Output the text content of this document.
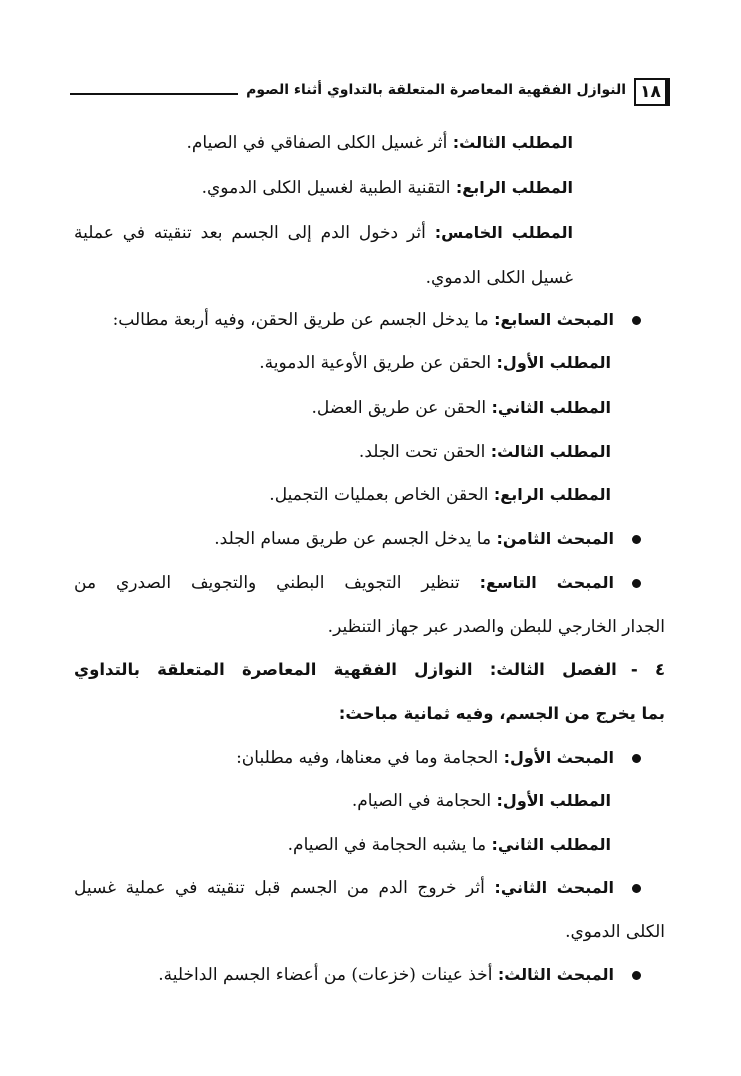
النوازل الفقهية المعاصرة المتعلقة بالتداوي أثناء الصوم ١٨
المطلب الثالث: أثر غسيل الكلى الصفاقي في الصيام.
المطلب الرابع: التقنية الطبية لغسيل الكلى الدموي.
المطلب الخامس: أثر دخول الدم إلى الجسم بعد تنقيته في عملية
غسيل الكلى الدموي.
المبحث السابع: ما يدخل الجسم عن طريق الحقن، وفيه أربعة مطالب:
المطلب الأول: الحقن عن طريق الأوعية الدموية.
المطلب الثاني: الحقن عن طريق العضل.
المطلب الثالث: الحقن تحت الجلد.
المطلب الرابع: الحقن الخاص بعمليات التجميل.
المبحث الثامن: ما يدخل الجسم عن طريق مسام الجلد.
المبحث التاسع: تنظير التجويف البطني والتجويف الصدري من
الجدار الخارجي للبطن والصدر عبر جهاز التنظير.
٤ -الفصل الثالث: النوازل الفقهية المعاصرة المتعلقة بالتداوي
بما يخرج من الجسم، وفيه ثمانية مباحث:
المبحث الأول: الحجامة وما في معناها، وفيه مطلبان:
المطلب الأول: الحجامة في الصيام.
المطلب الثاني: ما يشبه الحجامة في الصيام.
المبحث الثاني: أثر خروج الدم من الجسم قبل تنقيته في عملية غسيل
الكلى الدموي.
المبحث الثالث: أخذ عينات (خزعات) من أعضاء الجسم الداخلية.
